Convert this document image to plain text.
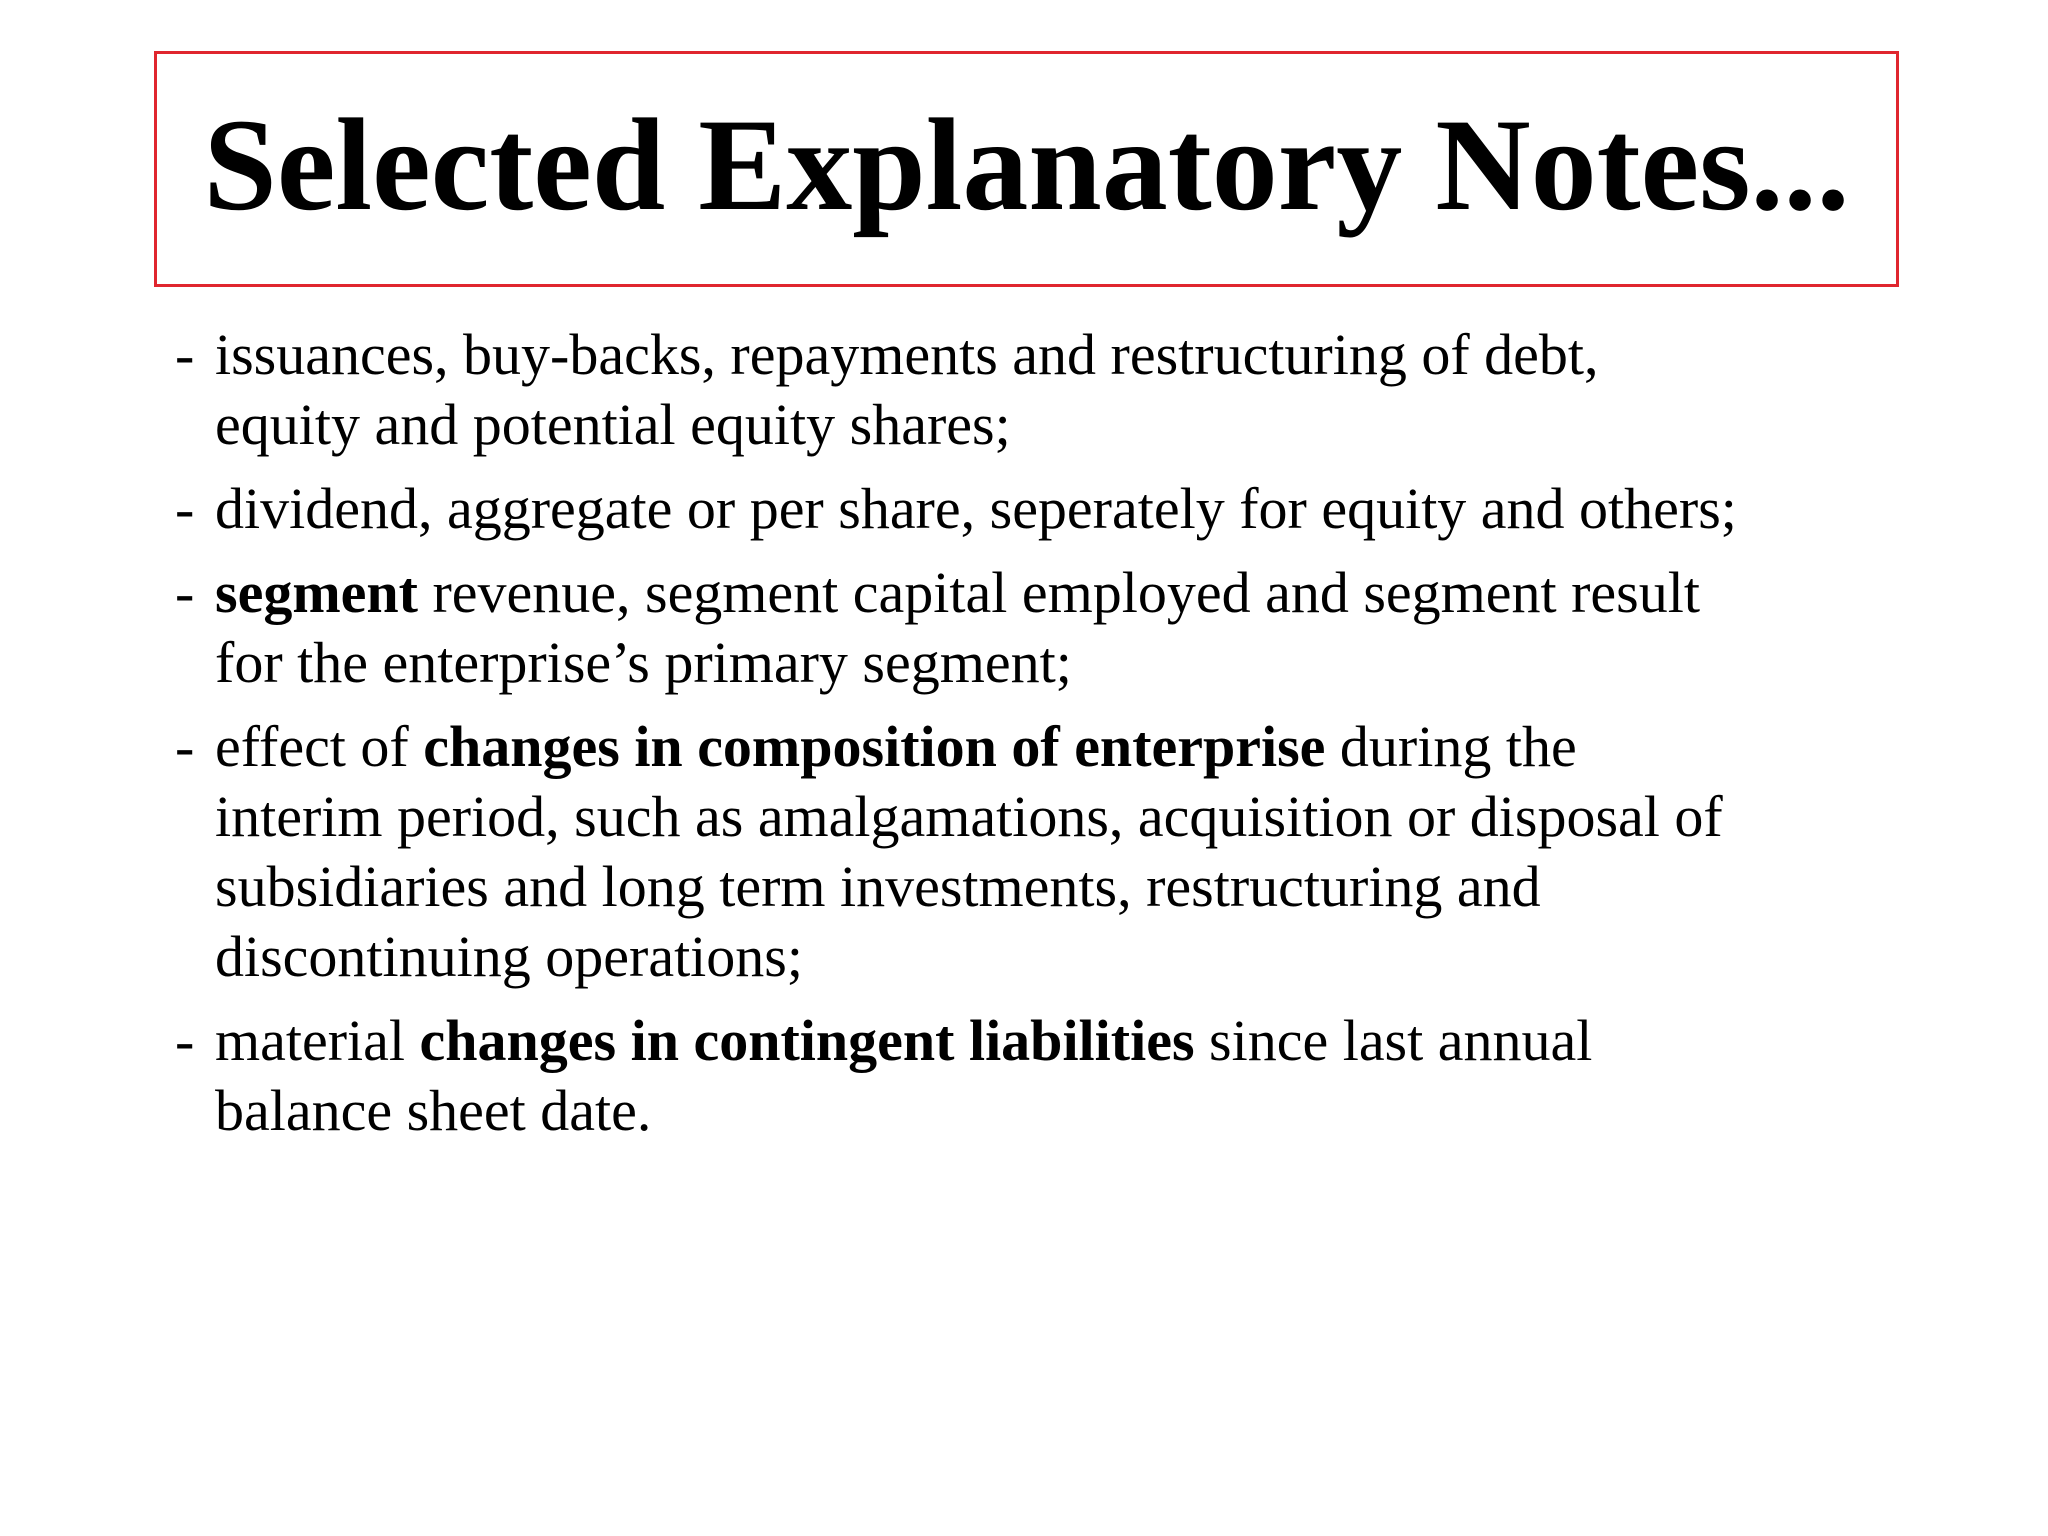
Selected Explanatory Notes...
- issuances, buy-backs, repayments and restructuring of debt,
equity and potential equity shares;
- dividend, aggregate or per share, seperately for equity and others;
- segment revenue, segment capital employed and segment result
for the enterprise’s primary segment;
- effect of changes in composition of enterprise during the
interim period, such as amalgamations, acquisition or disposal of
subsidiaries and long term investments, restructuring and
discontinuing operations;
- material changes in contingent liabilities since last annual
balance sheet date.
